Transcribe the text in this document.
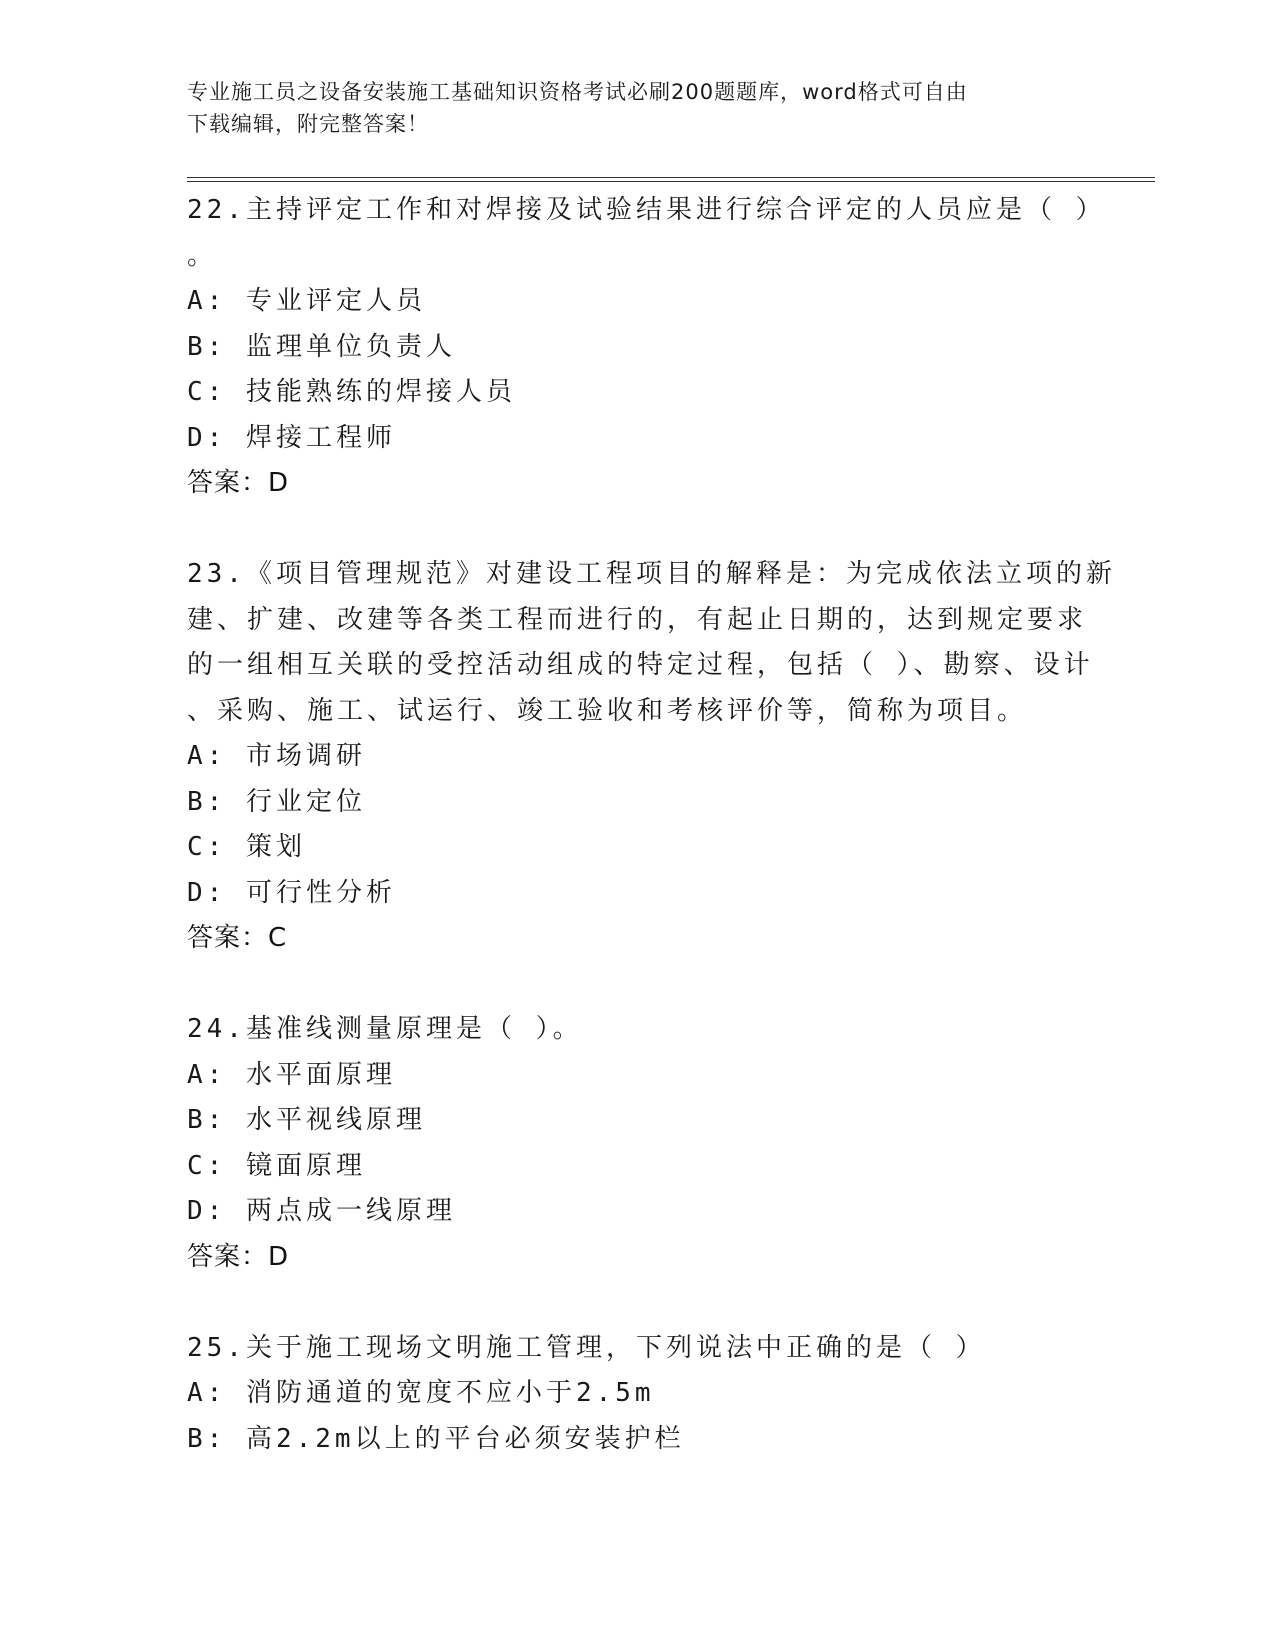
专业施工员之设备安装施工基础知识资格考试必刷200题题库，word格式可自由
下载编辑，附完整答案！
22.主持评定工作和对焊接及试验结果进行综合评定的人员应是（ ）
。
A: 专业评定人员
B: 监理单位负责人
C: 技能熟练的焊接人员
D: 焊接工程师
答案：D
23.《项目管理规范》对建设工程项目的解释是：为完成依法立项的新
建、扩建、改建等各类工程而进行的，有起止日期的，达到规定要求
的一组相互关联的受控活动组成的特定过程，包括（ ）、勘察、设计
、采购、施工、试运行、竣工验收和考核评价等，简称为项目。
A: 市场调研
B: 行业定位
C: 策划
D: 可行性分析
答案：C
24.基准线测量原理是（ ）。
A: 水平面原理
B: 水平视线原理
C: 镜面原理
D: 两点成一线原理
答案：D
25.关于施工现场文明施工管理，下列说法中正确的是（ ）
A: 消防通道的宽度不应小于2.5m
B: 高2.2m以上的平台必须安装护栏
